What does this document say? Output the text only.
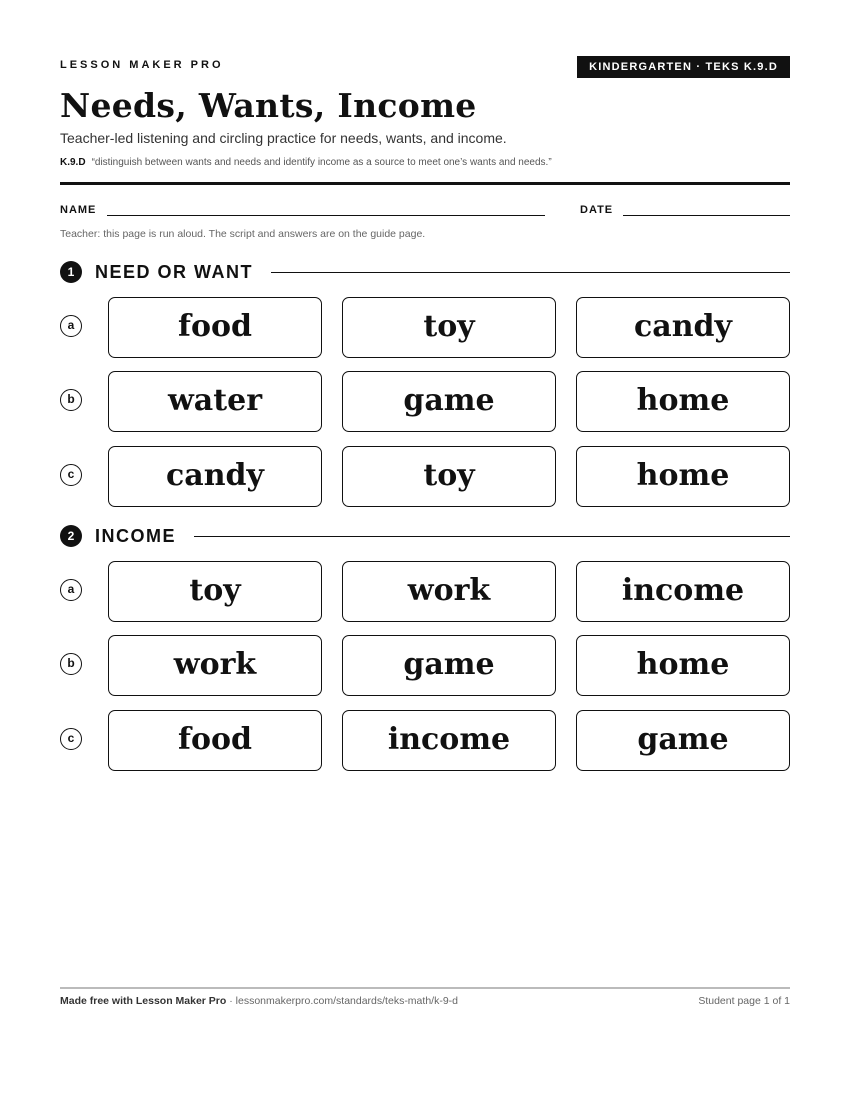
LESSON MAKER PRO	KINDERGARTEN · TEKS K.9.D
Needs, Wants, Income
Teacher-led listening and circling practice for needs, wants, and income.
K.9.D “distinguish between wants and needs and identify income as a source to meet one’s wants and needs.”
NAME	DATE
Teacher: this page is run aloud. The script and answers are on the guide page.
1	NEED OR WANT
a	food	toy	candy
b	water	game	home
c	candy	toy	home
2	INCOME
a	toy	work	income
b	work	game	home
c	food	income	game
Made free with Lesson Maker Pro · lessonmakerpro.com/standards/teks-math/k-9-d	Student page 1 of 1
